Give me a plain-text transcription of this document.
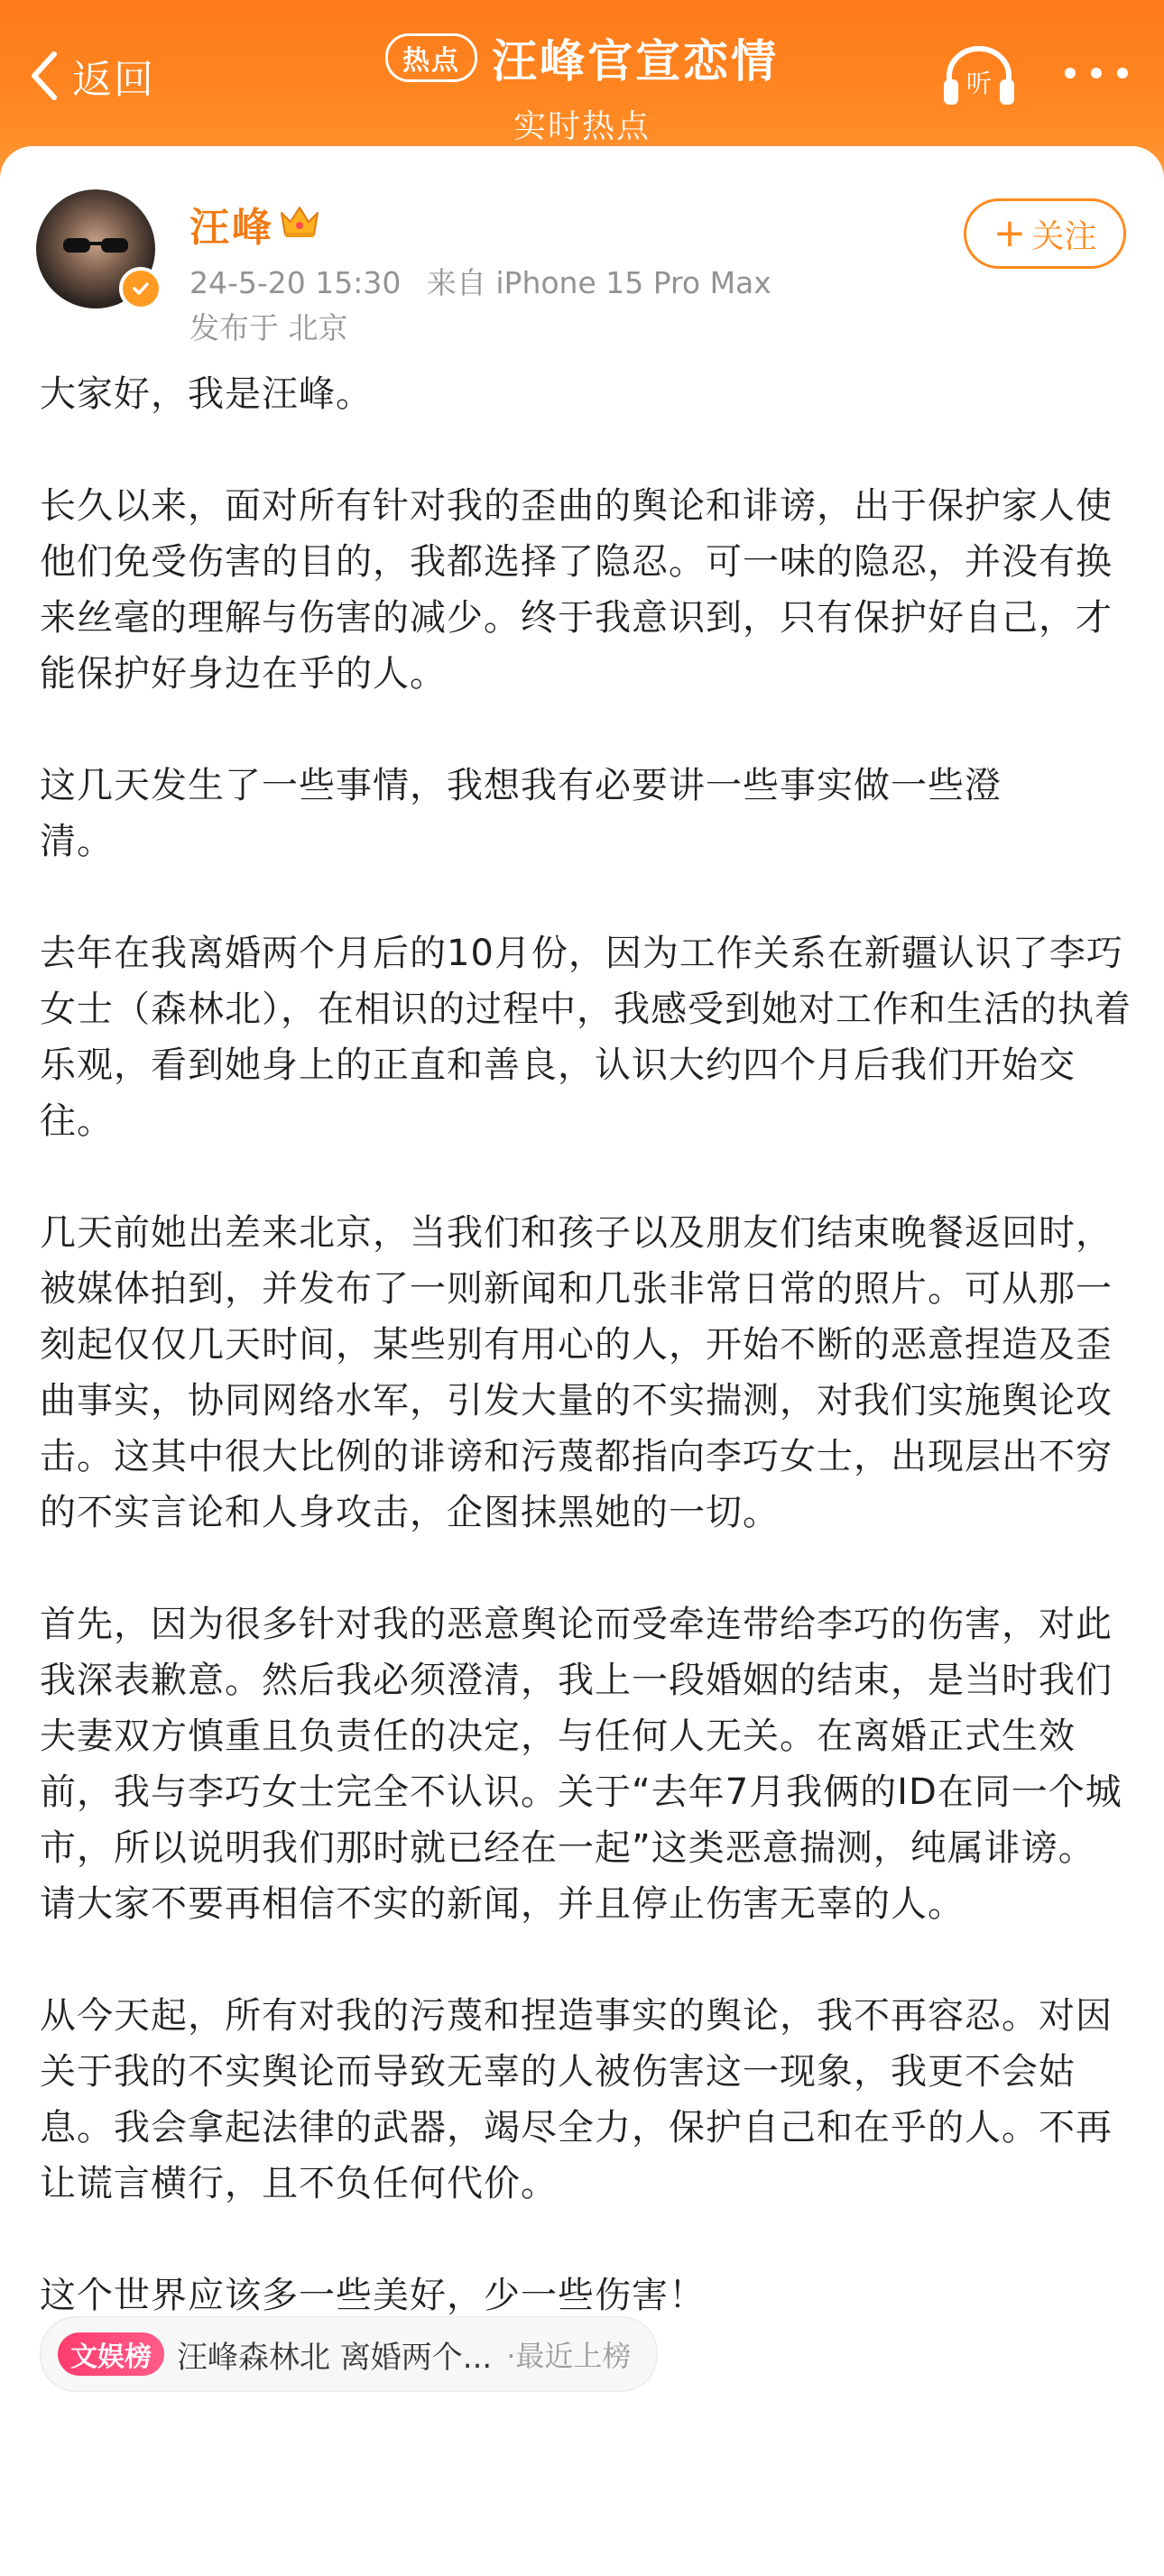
返回	热点 汪峰官宣恋情
实时热点
听
汪峰
24-5-20 15:30 来自 iPhone 15 Pro Max
发布于 北京
+ 关注

大家好，我是汪峰。

长久以来，面对所有针对我的歪曲的舆论和诽谤，出于保护家人使他们免受伤害的目的，我都选择了隐忍。可一味的隐忍，并没有换来丝毫的理解与伤害的减少。终于我意识到，只有保护好自己，才能保护好身边在乎的人。

这几天发生了一些事情，我想我有必要讲一些事实做一些澄
清。

去年在我离婚两个月后的10月份，因为工作关系在新疆认识了李巧女士（森林北），在相识的过程中，我感受到她对工作和生活的执着乐观，看到她身上的正直和善良，认识大约四个月后我们开始交往。

几天前她出差来北京，当我们和孩子以及朋友们结束晚餐返回时，被媒体拍到，并发布了一则新闻和几张非常日常的照片。可从那一刻起仅仅几天时间，某些别有用心的人，开始不断的恶意捏造及歪曲事实，协同网络水军，引发大量的不实揣测，对我们实施舆论攻击。这其中很大比例的诽谤和污蔑都指向李巧女士，出现层出不穷的不实言论和人身攻击，企图抹黑她的一切。

首先，因为很多针对我的恶意舆论而受牵连带给李巧的伤害，对此我深表歉意。然后我必须澄清，我上一段婚姻的结束，是当时我们夫妻双方慎重且负责任的决定，与任何人无关。在离婚正式生效前，我与李巧女士完全不认识。关于“去年7月我俩的ID在同一个城市，所以说明我们那时就已经在一起”这类恶意揣测，纯属诽谤。请大家不要再相信不实的新闻，并且停止伤害无辜的人。

从今天起，所有对我的污蔑和捏造事实的舆论，我不再容忍。对因关于我的不实舆论而导致无辜的人被伤害这一现象，我更不会姑息。我会拿起法律的武器，竭尽全力，保护自己和在乎的人。不再让谎言横行，且不负任何代价。

这个世界应该多一些美好，少一些伤害！

文娱榜 汪峰森林北 离婚两个... ·最近上榜
